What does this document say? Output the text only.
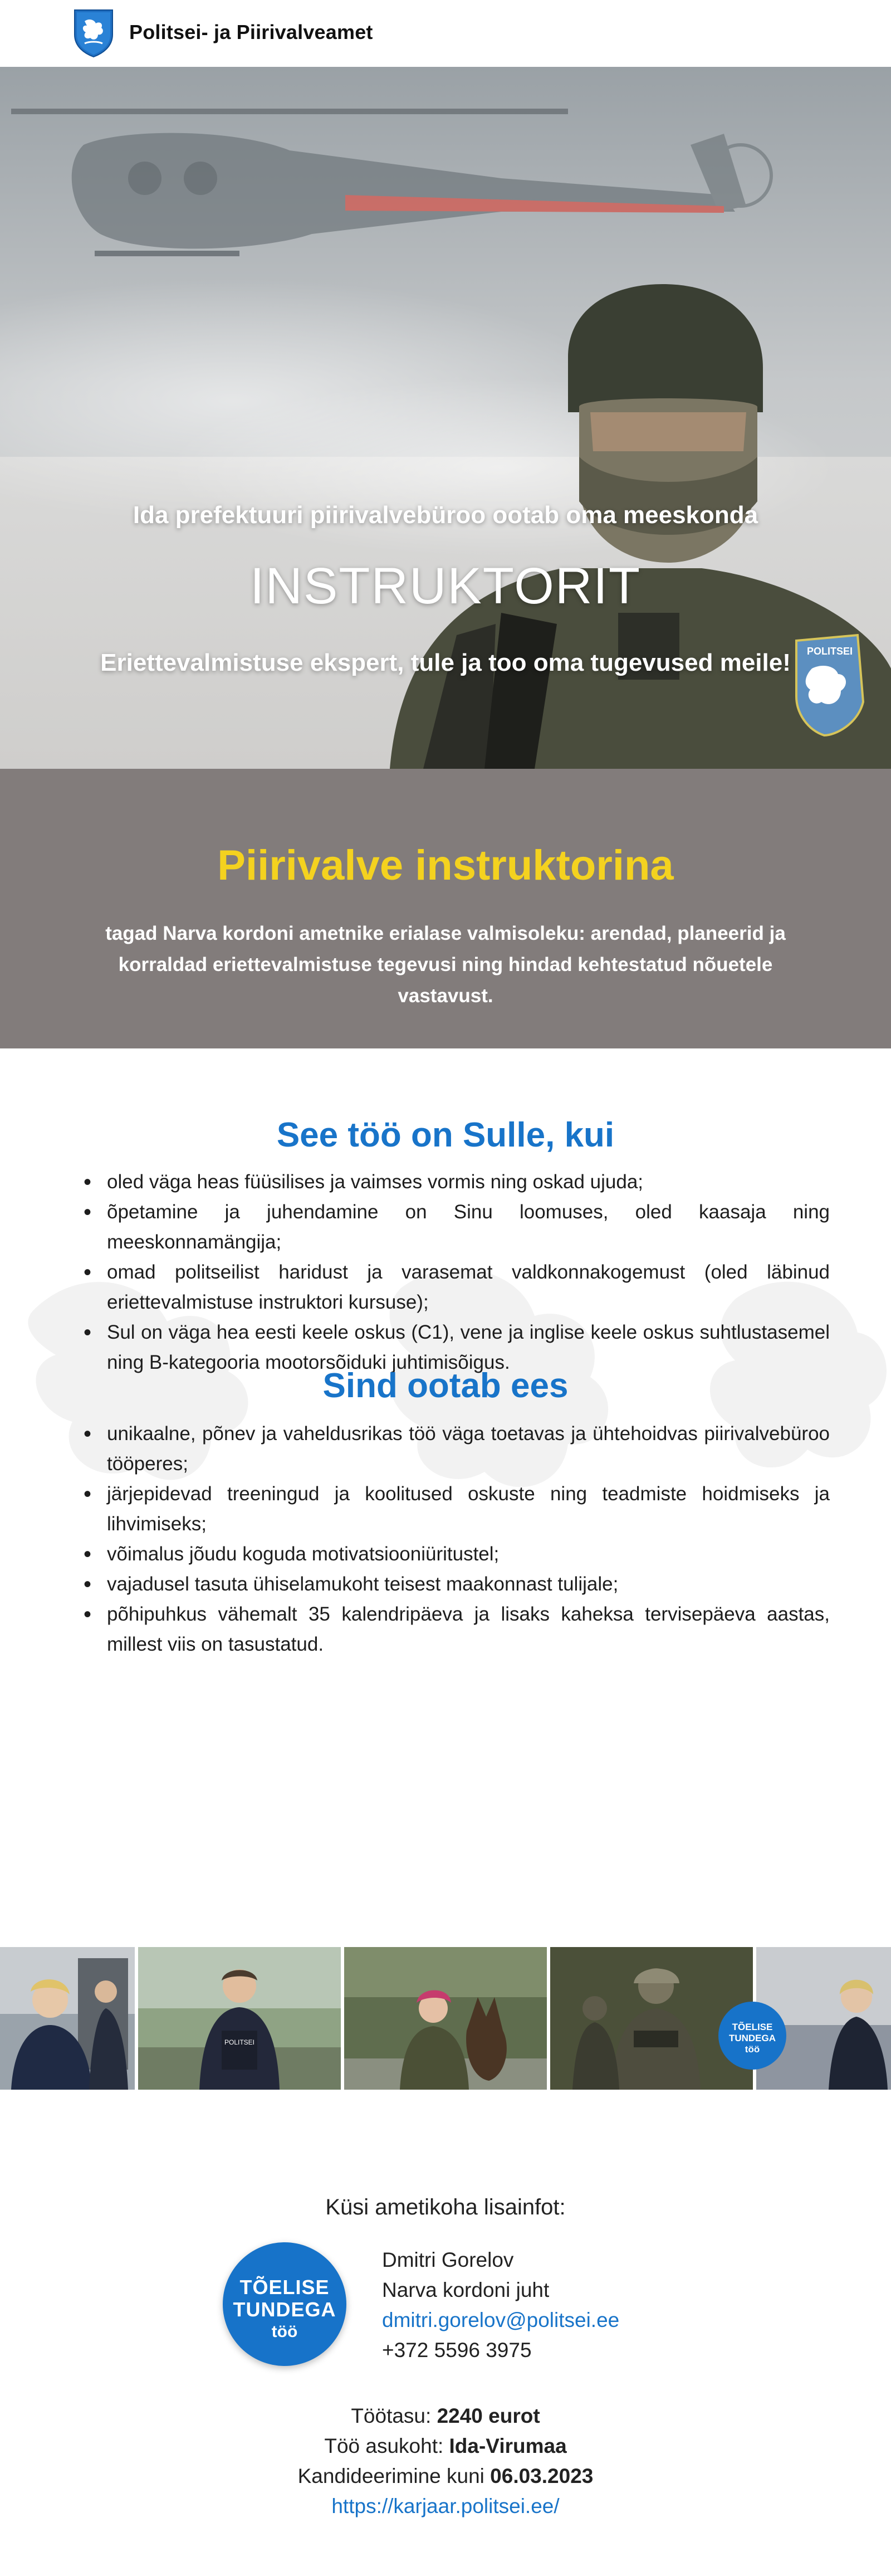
Politsei- ja Piirivalveamet
POLITSEI
Ida prefektuuri piirivalvebüroo ootab oma meeskonda
INSTRUKTORIT
Eriettevalmistuse ekspert, tule ja too oma tugevused meile!
Piirivalve instruktorina

tagad Narva kordoni ametnike erialase valmisoleku: arendad, planeerid ja korraldad eriettevalmistuse tegevusi ning hindad kehtestatud nõuetele vastavust.

See töö on Sulle, kui
• oled väga heas füüsilises ja vaimses vormis ning oskad ujuda;
• õpetamine ja juhendamine on Sinu loomuses, oled kaasaja ning meeskonnamängija;
• omad politseilist haridust ja varasemat valdkonnakogemust (oled läbinud eriettevalmistuse instruktori kursuse);
• Sul on väga hea eesti keele oskus (C1), vene ja inglise keele oskus suhtlustasemel ning B-kategooria mootorsõiduki juhtimisõigus.
Sind ootab ees
• unikaalne, põnev ja vaheldusrikas töö väga toetavas ja ühtehoidvas piirivalvebüroo tööperes;
• järjepidevad treeningud ja koolitused oskuste ning teadmiste hoidmiseks ja lihvimiseks;
• võimalus jõudu koguda motivatsiooniüritustel;
• vajadusel tasuta ühiselamukoht teisest maakonnast tulijale;
• põhipuhkus vähemalt 35 kalendripäeva ja lisaks kaheksa tervisepäeva aastas, millest viis on tasustatud.
POLITSEI
TÕELISE
TUNDEGA
töö
Küsi ametikoha lisainfot:
TÕELISE
TUNDEGA
töö
Dmitri Gorelov
Narva kordoni juht
dmitri.gorelov@politsei.ee
+372 5596 3975
Töötasu: 2240 eurot
Töö asukoht: Ida-Virumaa
Kandideerimine kuni 06.03.2023
https://karjaar.politsei.ee/
